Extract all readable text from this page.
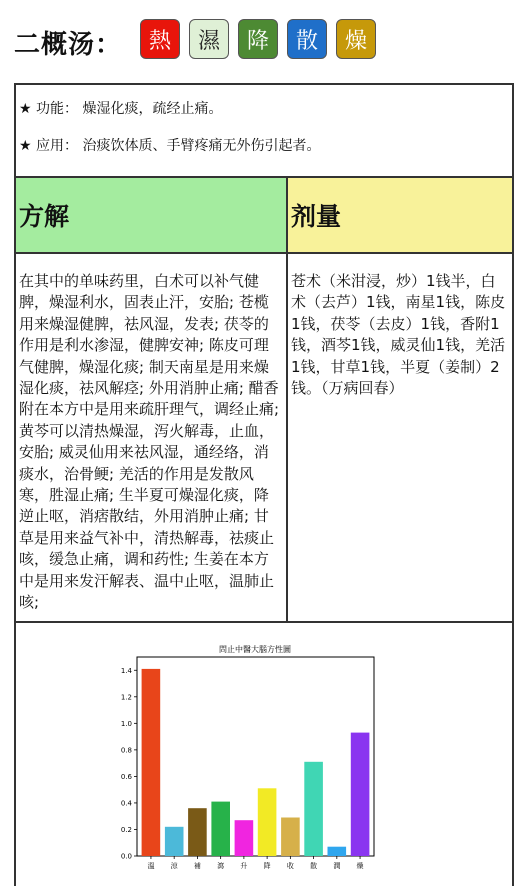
二概汤：	熱	濕	降	散	燥
★ 功能： 燥湿化痰，疏经止痛。
★ 应用： 治痰饮体质、手臂疼痛无外伤引起者。
方解	剂量
在其中的单味药里，白术可以补气健脾，燥湿利水，固表止汗，安胎; 苍榄用来燥湿健脾，祛风湿，发表; 茯苓的作用是利水渗湿，健脾安神; 陈皮可理气健脾，燥湿化痰; 制天南星是用来燥湿化痰，祛风解痉; 外用消肿止痛; 醋香附在本方中是用来疏肝理气，调经止痛; 黄芩可以清热燥湿，泻火解毒，止血，安胎; 威灵仙用来祛风湿，通经络，消痰水，治骨鲠; 羌活的作用是发散风寒，胜湿止痛; 生半夏可燥湿化痰，降逆止呕，消痞散结，外用消肿止痛; 甘草是用来益气补中，清热解毒，祛痰止咳，缓急止痛，调和药性; 生姜在本方中是用来发汗解表、温中止呕，温肺止咳;
苍术（米泔浸，炒）1钱半，白术（去芦）1钱，南星1钱，陈皮1钱，茯苓（去皮）1钱，香附1钱，酒芩1钱，威灵仙1钱，羌活1钱，甘草1钱，半夏（姜制）2钱。（万病回春）
問止中醫大腦方性圖
0.0
0.2
0.4
0.6
0.8
1.0
1.2
1.4
溫 涼 補 瀉 升 降 收 散 潤 燥
